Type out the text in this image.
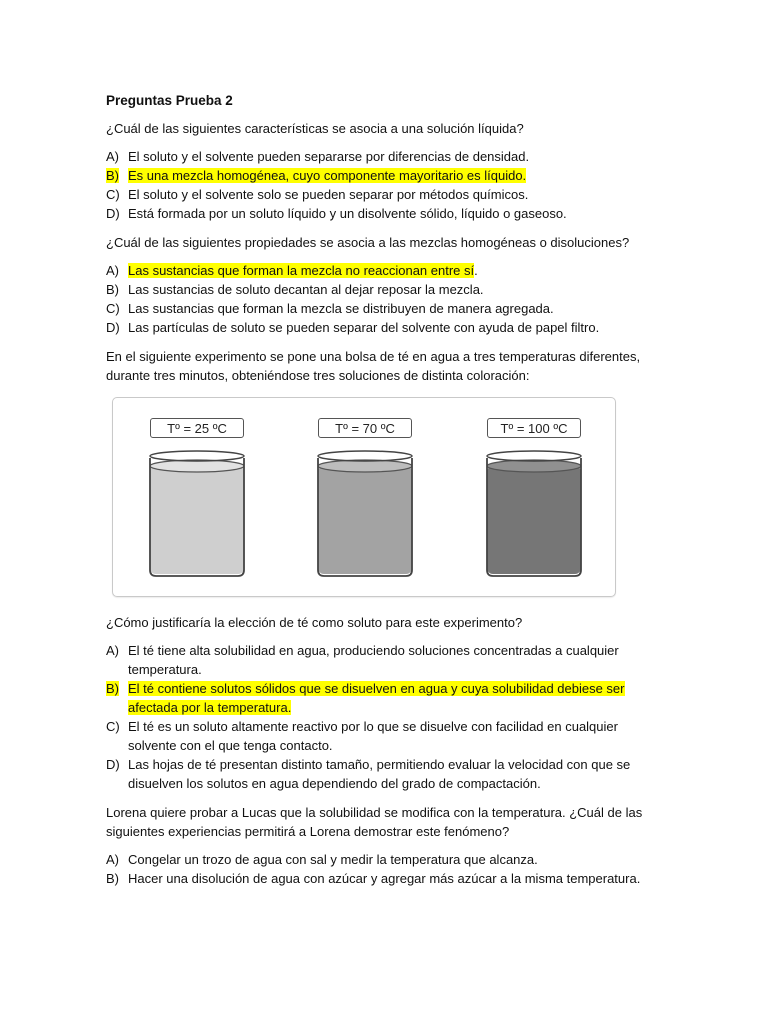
Preguntas Prueba 2
¿Cuál de las siguientes características se asocia a una solución líquida?
A) El soluto y el solvente pueden separarse por diferencias de densidad.
B) Es una mezcla homogénea, cuyo componente mayoritario es líquido.
C) El soluto y el solvente solo se pueden separar por métodos químicos.
D) Está formada por un soluto líquido y un disolvente sólido, líquido o gaseoso.
¿Cuál de las siguientes propiedades se asocia a las mezclas homogéneas o disoluciones?
A) Las sustancias que forman la mezcla no reaccionan entre sí.
B) Las sustancias de soluto decantan al dejar reposar la mezcla.
C) Las sustancias que forman la mezcla se distribuyen de manera agregada.
D) Las partículas de soluto se pueden separar del solvente con ayuda de papel filtro.
En el siguiente experimento se pone una bolsa de té en agua a tres temperaturas diferentes, durante tres minutos, obteniéndose tres soluciones de distinta coloración:
Tº = 25 ºC	Tº = 70 ºC	Tº = 100 ºC
¿Cómo justificaría la elección de té como soluto para este experimento?
A) El té tiene alta solubilidad en agua, produciendo soluciones concentradas a cualquier temperatura.
B) El té contiene solutos sólidos que se disuelven en agua y cuya solubilidad debiese ser afectada por la temperatura.
C) El té es un soluto altamente reactivo por lo que se disuelve con facilidad en cualquier solvente con el que tenga contacto.
D) Las hojas de té presentan distinto tamaño, permitiendo evaluar la velocidad con que se disuelven los solutos en agua dependiendo del grado de compactación.
Lorena quiere probar a Lucas que la solubilidad se modifica con la temperatura. ¿Cuál de las siguientes experiencias permitirá a Lorena demostrar este fenómeno?
A) Congelar un trozo de agua con sal y medir la temperatura que alcanza.
B) Hacer una disolución de agua con azúcar y agregar más azúcar a la misma temperatura.
